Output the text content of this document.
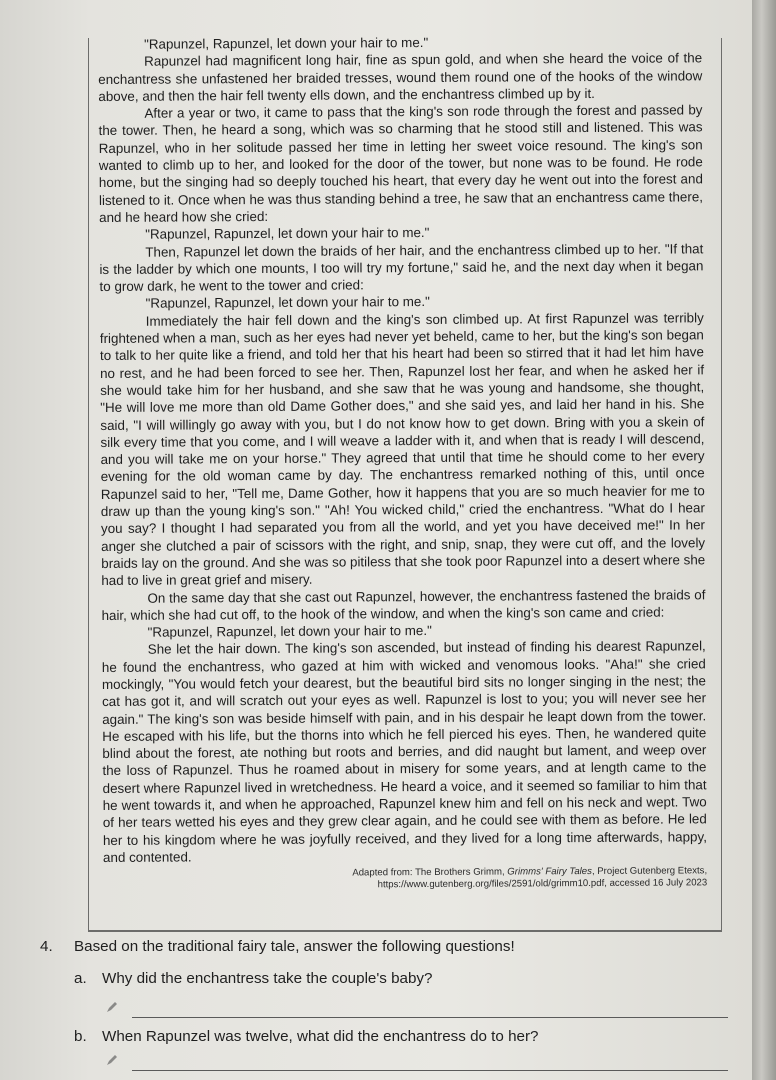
"Rapunzel, Rapunzel, let down your hair to me."

Rapunzel had magnificent long hair, fine as spun gold, and when she heard the voice of the enchantress she unfastened her braided tresses, wound them round one of the hooks of the window above, and then the hair fell twenty ells down, and the enchantress climbed up by it.

After a year or two, it came to pass that the king's son rode through the forest and passed by the tower. Then, he heard a song, which was so charming that he stood still and listened. This was Rapunzel, who in her solitude passed her time in letting her sweet voice resound. The king's son wanted to climb up to her, and looked for the door of the tower, but none was to be found. He rode home, but the singing had so deeply touched his heart, that every day he went out into the forest and listened to it. Once when he was thus standing behind a tree, he saw that an enchantress came there, and he heard how she cried:

"Rapunzel, Rapunzel, let down your hair to me."

Then, Rapunzel let down the braids of her hair, and the enchantress climbed up to her. "If that is the ladder by which one mounts, I too will try my fortune," said he, and the next day when it began to grow dark, he went to the tower and cried:

"Rapunzel, Rapunzel, let down your hair to me."

Immediately the hair fell down and the king's son climbed up. At first Rapunzel was terribly frightened when a man, such as her eyes had never yet beheld, came to her, but the king's son began to talk to her quite like a friend, and told her that his heart had been so stirred that it had let him have no rest, and he had been forced to see her. Then, Rapunzel lost her fear, and when he asked her if she would take him for her husband, and she saw that he was young and handsome, she thought, "He will love me more than old Dame Gother does," and she said yes, and laid her hand in his. She said, "I will willingly go away with you, but I do not know how to get down. Bring with you a skein of silk every time that you come, and I will weave a ladder with it, and when that is ready I will descend, and you will take me on your horse." They agreed that until that time he should come to her every evening for the old woman came by day. The enchantress remarked nothing of this, until once Rapunzel said to her, "Tell me, Dame Gother, how it happens that you are so much heavier for me to draw up than the young king's son." "Ah! You wicked child," cried the enchantress. "What do I hear you say? I thought I had separated you from all the world, and yet you have deceived me!" In her anger she clutched a pair of scissors with the right, and snip, snap, they were cut off, and the lovely braids lay on the ground. And she was so pitiless that she took poor Rapunzel into a desert where she had to live in great grief and misery.

On the same day that she cast out Rapunzel, however, the enchantress fastened the braids of hair, which she had cut off, to the hook of the window, and when the king's son came and cried:

"Rapunzel, Rapunzel, let down your hair to me."

She let the hair down. The king's son ascended, but instead of finding his dearest Rapunzel, he found the enchantress, who gazed at him with wicked and venomous looks. "Aha!" she cried mockingly, "You would fetch your dearest, but the beautiful bird sits no longer singing in the nest; the cat has got it, and will scratch out your eyes as well. Rapunzel is lost to you; you will never see her again." The king's son was beside himself with pain, and in his despair he leapt down from the tower. He escaped with his life, but the thorns into which he fell pierced his eyes. Then, he wandered quite blind about the forest, ate nothing but roots and berries, and did naught but lament, and weep over the loss of Rapunzel. Thus he roamed about in misery for some years, and at length came to the desert where Rapunzel lived in wretchedness. He heard a voice, and it seemed so familiar to him that he went towards it, and when he approached, Rapunzel knew him and fell on his neck and wept. Two of her tears wetted his eyes and they grew clear again, and he could see with them as before. He led her to his kingdom where he was joyfully received, and they lived for a long time afterwards, happy, and contented.

Adapted from: The Brothers Grimm, Grimms' Fairy Tales, Project Gutenberg Etexts,
https://www.gutenberg.org/files/2591/old/grimm10.pdf, accessed 16 July 2023
4. Based on the traditional fairy tale, answer the following questions!
a. Why did the enchantress take the couple's baby?
b. When Rapunzel was twelve, what did the enchantress do to her?
